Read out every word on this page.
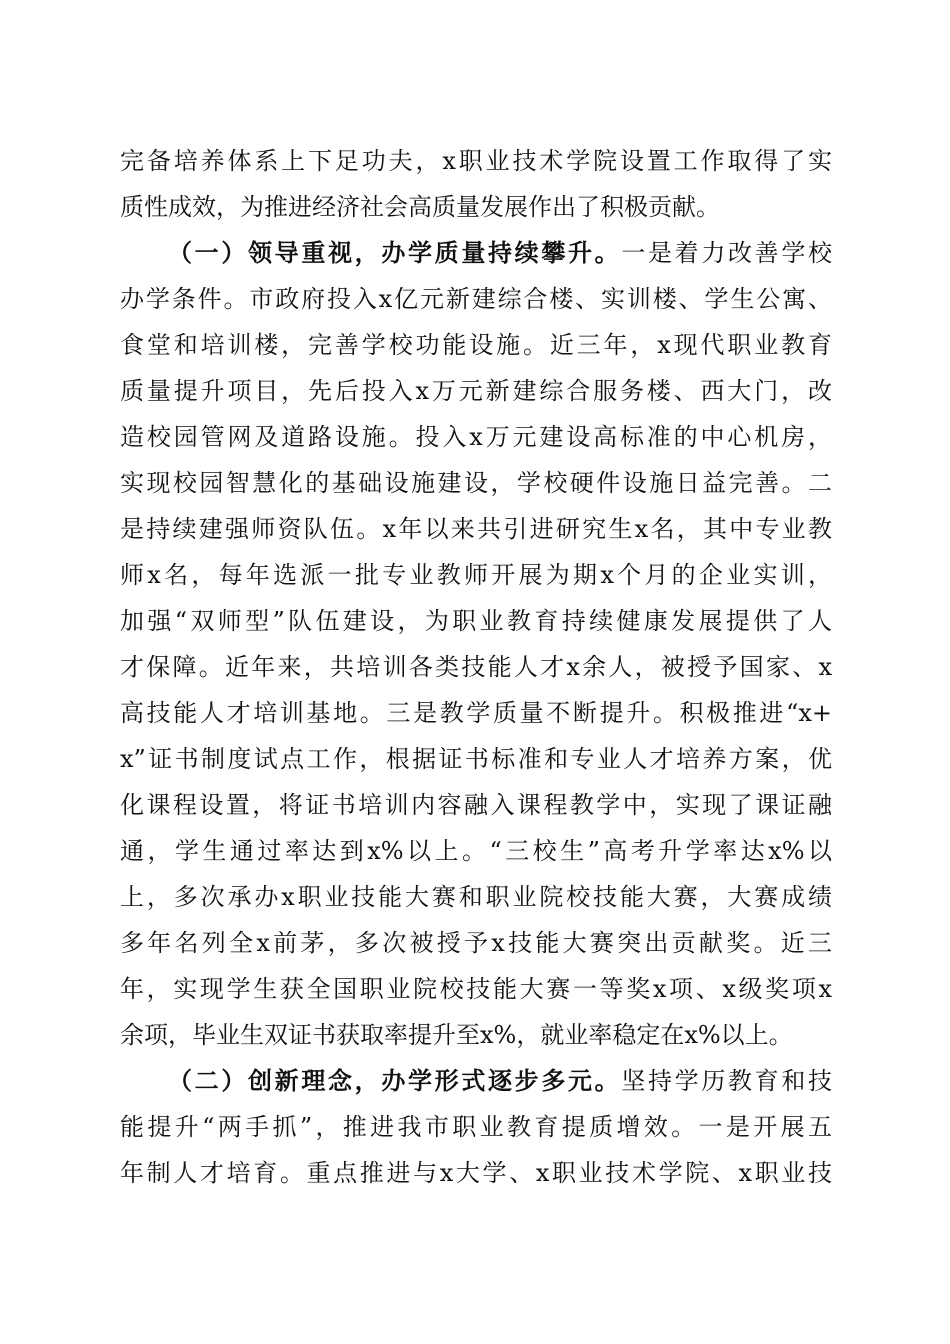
完备培养体系上下足功夫，x职业技术学院设置工作取得了实
质性成效，为推进经济社会高质量发展作出了积极贡献。
（一）领导重视，办学质量持续攀升。一是着力改善学校
办学条件。市政府投入x亿元新建综合楼、实训楼、学生公寓、
食堂和培训楼，完善学校功能设施。近三年，x现代职业教育
质量提升项目，先后投入x万元新建综合服务楼、西大门，改
造校园管网及道路设施。投入x万元建设高标准的中心机房，
实现校园智慧化的基础设施建设，学校硬件设施日益完善。二
是持续建强师资队伍。x年以来共引进研究生x名，其中专业教
师x名，每年选派一批专业教师开展为期x个月的企业实训，
加强“双师型”队伍建设，为职业教育持续健康发展提供了人
才保障。近年来，共培训各类技能人才x余人，被授予国家、x
高技能人才培训基地。三是教学质量不断提升。积极推进“x+
x”证书制度试点工作，根据证书标准和专业人才培养方案，优
化课程设置，将证书培训内容融入课程教学中，实现了课证融
通，学生通过率达到x%以上。“三校生”高考升学率达x%以
上，多次承办x职业技能大赛和职业院校技能大赛，大赛成绩
多年名列全x前茅，多次被授予x技能大赛突出贡献奖。近三
年，实现学生获全国职业院校技能大赛一等奖x项、x级奖项x
余项，毕业生双证书获取率提升至x%，就业率稳定在x%以上。
（二）创新理念，办学形式逐步多元。坚持学历教育和技
能提升“两手抓”，推进我市职业教育提质增效。一是开展五
年制人才培育。重点推进与x大学、x职业技术学院、x职业技
